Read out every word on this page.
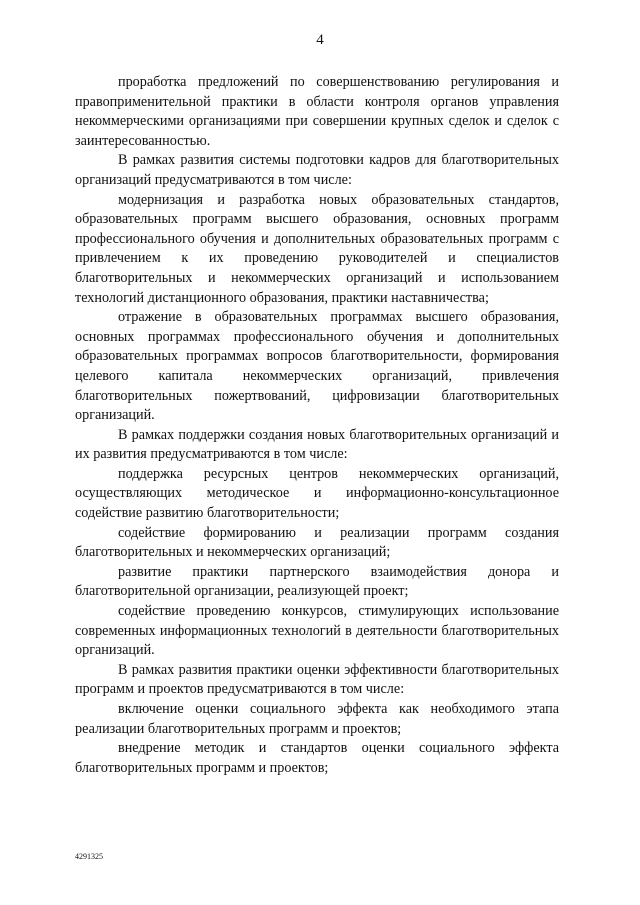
4

проработка предложений по совершенствованию регулирования и правоприменительной практики в области контроля органов управления некоммерческими организациями при совершении крупных сделок и сделок с заинтересованностью.

В рамках развития системы подготовки кадров для благотворительных организаций предусматриваются в том числе:

модернизация и разработка новых образовательных стандартов, образовательных программ высшего образования, основных программ профессионального обучения и дополнительных образовательных программ с привлечением к их проведению руководителей и специалистов благотворительных и некоммерческих организаций и использованием технологий дистанционного образования, практики наставничества;

отражение в образовательных программах высшего образования, основных программах профессионального обучения и дополнительных образовательных программах вопросов благотворительности, формирования целевого капитала некоммерческих организаций, привлечения благотворительных пожертвований, цифровизации благотворительных организаций.

В рамках поддержки создания новых благотворительных организаций и их развития предусматриваются в том числе:

поддержка ресурсных центров некоммерческих организаций, осуществляющих методическое и информационно-консультационное содействие развитию благотворительности;

содействие формированию и реализации программ создания благотворительных и некоммерческих организаций;

развитие практики партнерского взаимодействия донора и благотворительной организации, реализующей проект;

содействие проведению конкурсов, стимулирующих использование современных информационных технологий в деятельности благотворительных организаций.

В рамках развития практики оценки эффективности благотворительных программ и проектов предусматриваются в том числе:

включение оценки социального эффекта как необходимого этапа реализации благотворительных программ и проектов;

внедрение методик и стандартов оценки социального эффекта благотворительных программ и проектов;

4291325
